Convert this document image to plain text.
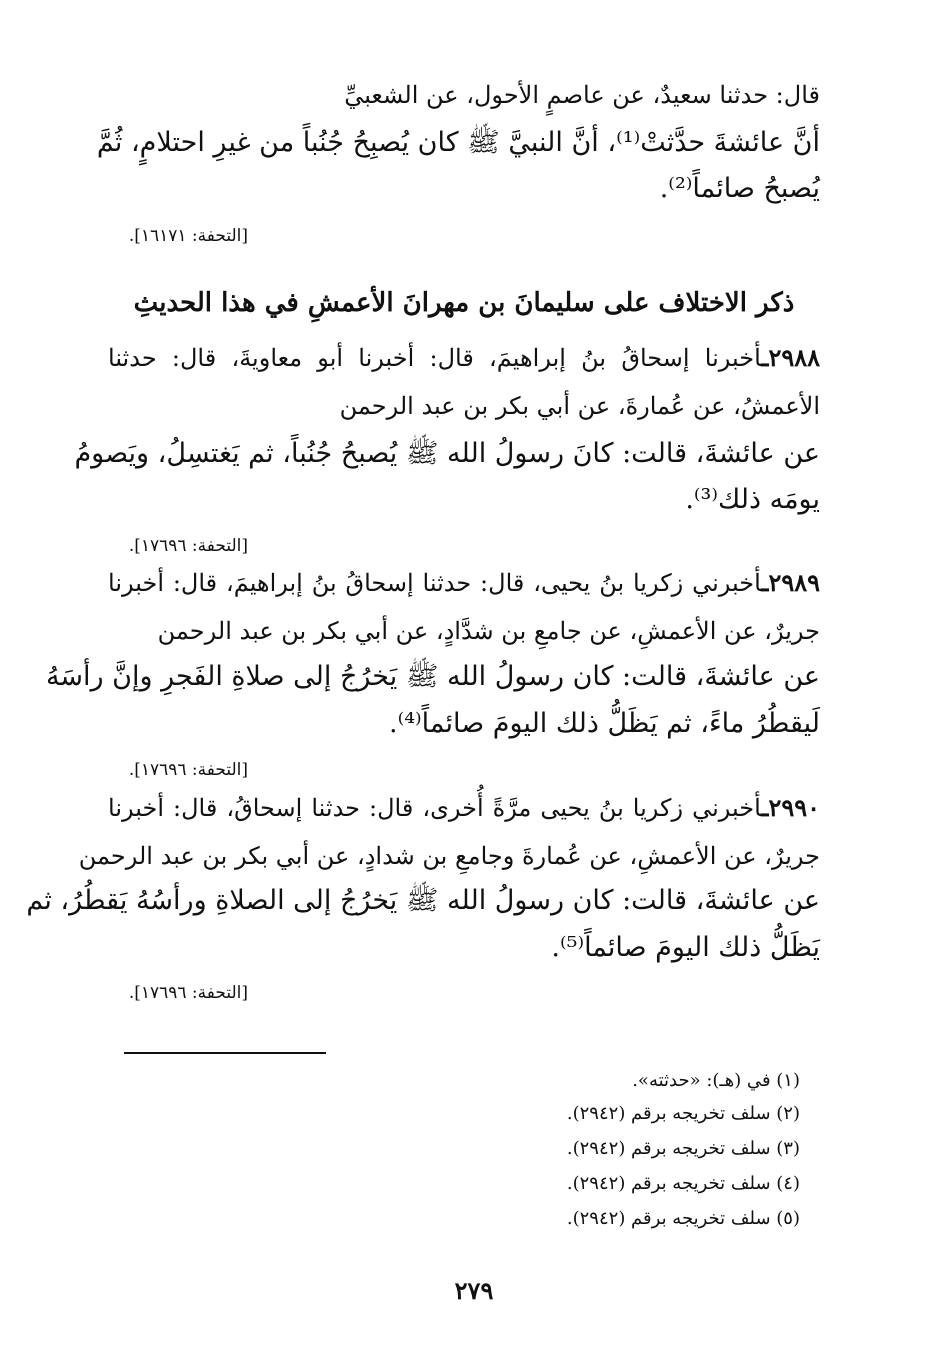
قال: حدثنا سعيدٌ، عن عاصمٍ الأحول، عن الشعبيِّ
أنَّ عائشةَ حدَّثتْ⁽¹⁾، أنَّ النبيَّ ﷺ كان يُصبِحُ جُنُباً من غيرِ احتلامٍ، ثُمَّ
يُصبحُ صائماً⁽²⁾.
[التحفة: ١٦١٧١].
ذكر الاختلاف على سليمانَ بن مهرانَ الأعمشِ في هذا الحديثِ
٢٩٨٨ـأخبرنا إسحاقُ بنُ إبراهيمَ، قال: أخبرنا أبو معاويةَ، قال: حدثنا
الأعمشُ، عن عُمارةَ، عن أبي بكر بن عبد الرحمن
عن عائشةَ، قالت: كانَ رسولُ الله ﷺ يُصبحُ جُنُباً، ثم يَغتسِلُ، ويَصومُ
يومَه ذلك⁽³⁾.
[التحفة: ١٧٦٩٦].
٢٩٨٩ـأخبرني زكريا بنُ يحيى، قال: حدثنا إسحاقُ بنُ إبراهيمَ، قال: أخبرنا
جريرٌ، عن الأعمشِ، عن جامعِ بن شدَّادٍ، عن أبي بكر بن عبد الرحمن
عن عائشةَ، قالت: كان رسولُ الله ﷺ يَخرُجُ إلى صلاةِ الفَجرِ وإنَّ رأسَهُ
لَيقطُرُ ماءً، ثم يَظَلُّ ذلك اليومَ صائماً⁽⁴⁾.
[التحفة: ١٧٦٩٦].
٢٩٩٠ـأخبرني زكريا بنُ يحيى مرَّةً أُخرى، قال: حدثنا إسحاقُ، قال: أخبرنا
جريرٌ، عن الأعمشِ، عن عُمارةَ وجامعِ بن شدادٍ، عن أبي بكر بن عبد الرحمن
عن عائشةَ، قالت: كان رسولُ الله ﷺ يَخرُجُ إلى الصلاةِ ورأسُهُ يَقطُرُ، ثم
يَظَلُّ ذلك اليومَ صائماً⁽⁵⁾.
[التحفة: ١٧٦٩٦].
(١) في (هـ): «حدثته».
(٢) سلف تخريجه برقم (٢٩٤٢).
(٣) سلف تخريجه برقم (٢٩٤٢).
(٤) سلف تخريجه برقم (٢٩٤٢).
(٥) سلف تخريجه برقم (٢٩٤٢).
٢٧٩
